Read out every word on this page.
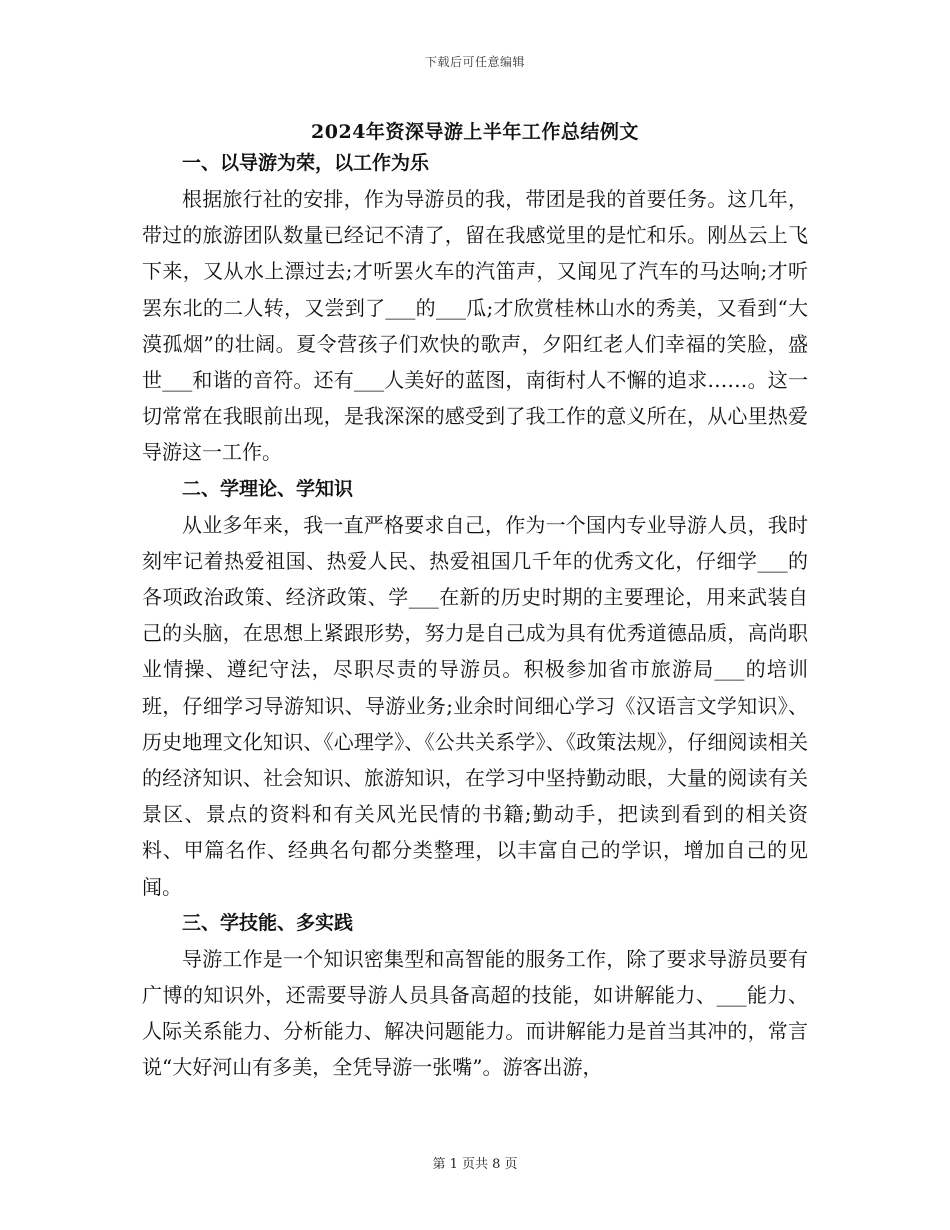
下载后可任意编辑
2024年资深导游上半年工作总结例文
一、以导游为荣，以工作为乐
根据旅行社的安排，作为导游员的我，带团是我的首要任务。这几年，带过的旅游团队数量已经记不清了，留在我感觉里的是忙和乐。刚丛云上飞下来，又从水上漂过去;才听罢火车的汽笛声，又闻见了汽车的马达响;才听罢东北的二人转，又尝到了___的___瓜;才欣赏桂林山水的秀美，又看到“大漠孤烟”的壮阔。夏令营孩子们欢快的歌声，夕阳红老人们幸福的笑脸，盛世___和谐的音符。还有___人美好的蓝图，南街村人不懈的追求……。这一切常常在我眼前出现，是我深深的感受到了我工作的意义所在，从心里热爱导游这一工作。
二、学理论、学知识
从业多年来，我一直严格要求自己，作为一个国内专业导游人员，我时刻牢记着热爱祖国、热爱人民、热爱祖国几千年的优秀文化，仔细学___的各项政治政策、经济政策、学___在新的历史时期的主要理论，用来武装自己的头脑，在思想上紧跟形势，努力是自己成为具有优秀道德品质，高尚职业情操、遵纪守法，尽职尽责的导游员。积极参加省市旅游局___的培训班，仔细学习导游知识、导游业务;业余时间细心学习《汉语言文学知识》、历史地理文化知识、《心理学》、《公共关系学》、《政策法规》，仔细阅读相关的经济知识、社会知识、旅游知识，在学习中坚持勤动眼，大量的阅读有关景区、景点的资料和有关风光民情的书籍;勤动手，把读到看到的相关资料、甲篇名作、经典名句都分类整理，以丰富自己的学识，增加自己的见闻。
三、学技能、多实践
导游工作是一个知识密集型和高智能的服务工作，除了要求导游员要有广博的知识外，还需要导游人员具备高超的技能，如讲解能力、___能力、人际关系能力、分析能力、解决问题能力。而讲解能力是首当其冲的，常言说“大好河山有多美，全凭导游一张嘴”。游客出游，
第 1 页共 8 页
